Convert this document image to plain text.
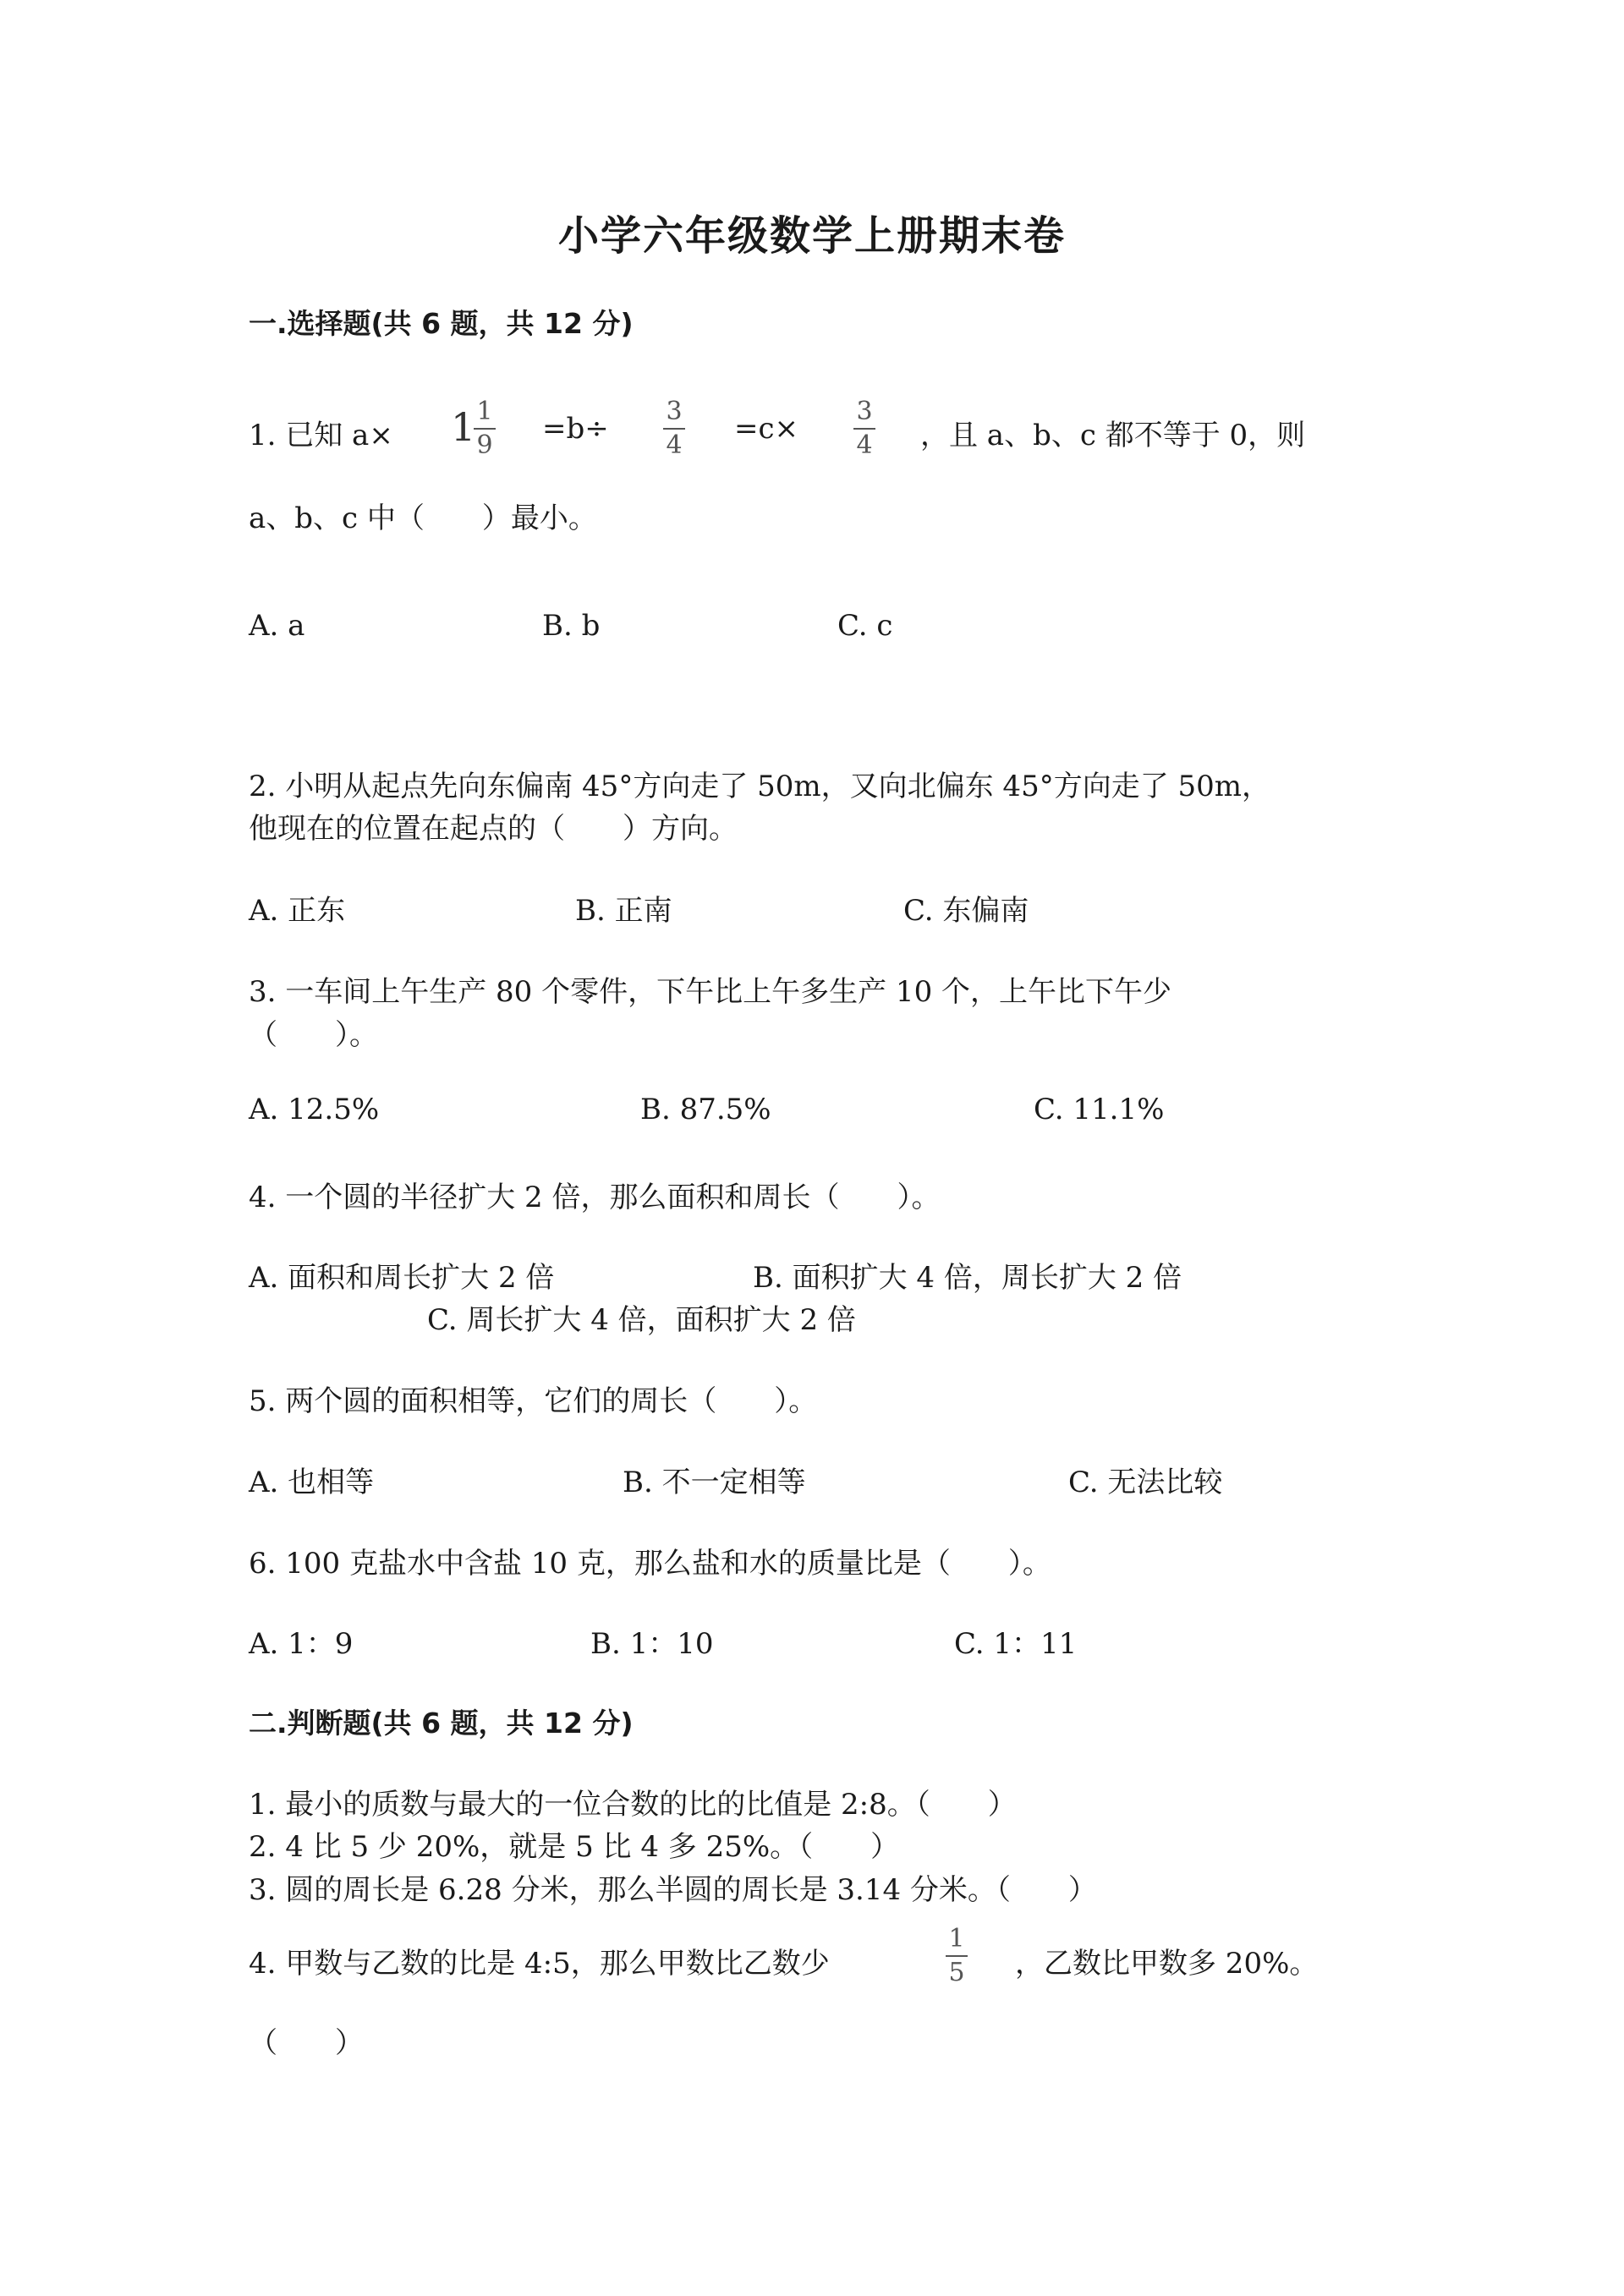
小学六年级数学上册期末卷
一.选择题(共 6 题，共 12 分)
1. 已知 a× 1 1
9 =b÷
3
4 =c×
3
4 ，且 a、b、c 都不等于 0，则
a、b、c 中（　　）最小。
A. a	B. b	C. c
2. 小明从起点先向东偏南 45°方向走了 50m，又向北偏东 45°方向走了 50m，
他现在的位置在起点的（　　）方向。
A. 正东	B. 正南	C. 东偏南
3. 一车间上午生产 80 个零件，下午比上午多生产 10 个，上午比下午少
（　　）。
A. 12.5%	B. 87.5%	C. 11.1%
4. 一个圆的半径扩大 2 倍，那么面积和周长（　　）。
A. 面积和周长扩大 2 倍	B. 面积扩大 4 倍，周长扩大 2 倍
C. 周长扩大 4 倍，面积扩大 2 倍
5. 两个圆的面积相等，它们的周长（　　）。
A. 也相等	B. 不一定相等	C. 无法比较
6. 100 克盐水中含盐 10 克，那么盐和水的质量比是（　　）。
A. 1：9	B. 1：10	C. 1：11
二.判断题(共 6 题，共 12 分)
1. 最小的质数与最大的一位合数的比的比值是 2:8。（　　）
2. 4 比 5 少 20%，就是 5 比 4 多 25%。（　　）
3. 圆的周长是 6.28 分米，那么半圆的周长是 3.14 分米。（　　）
4. 甲数与乙数的比是 4:5，那么甲数比乙数少
1
5 ，乙数比甲数多 20%。
（　　）
